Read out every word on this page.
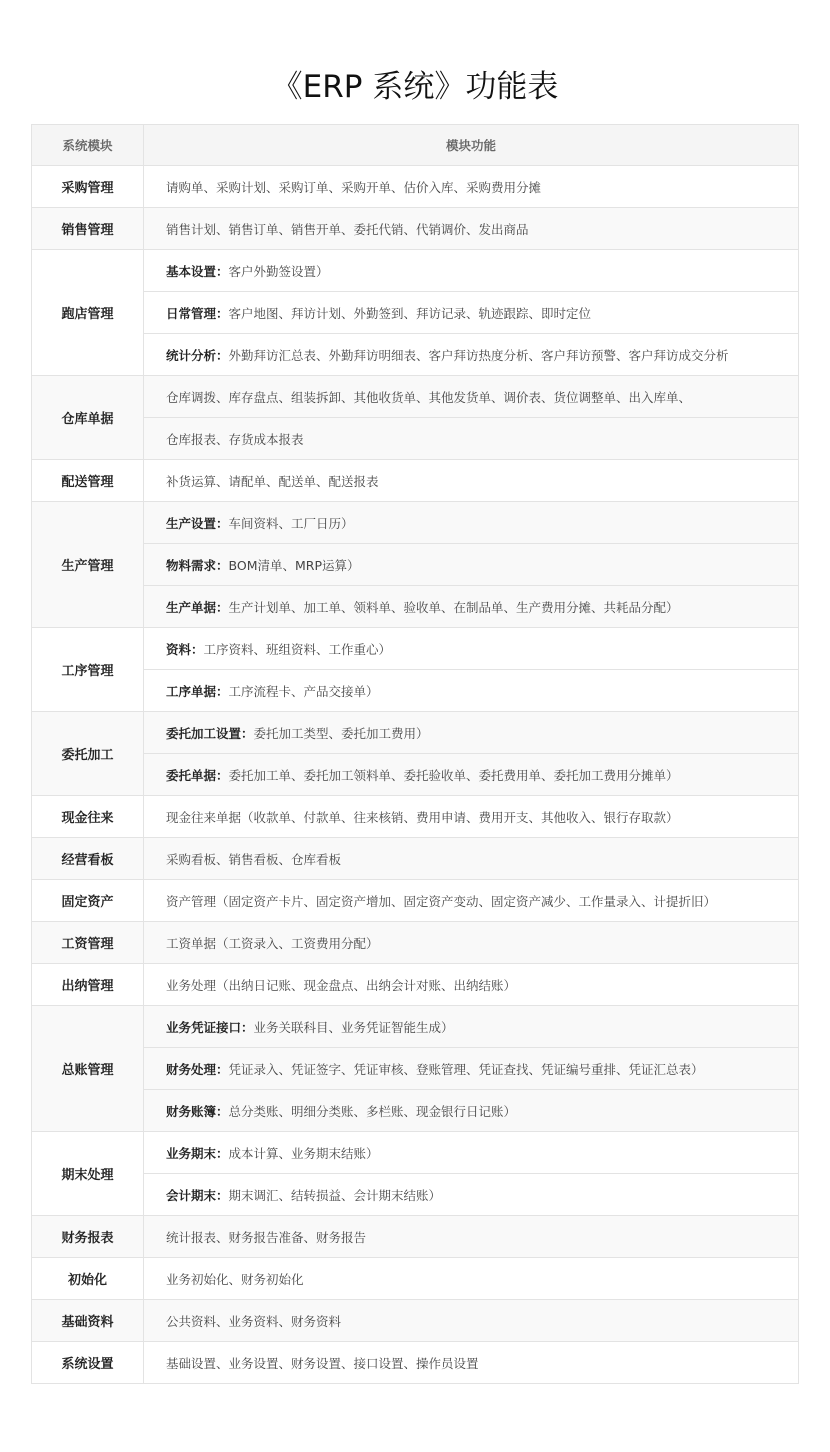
《ERP 系统》功能表
系统模块	模块功能
采购管理	请购单、采购计划、采购订单、采购开单、估价入库、采购费用分摊
销售管理	销售计划、销售订单、销售开单、委托代销、代销调价、发出商品
跑店管理	基本设置：客户外勤签设置）
	日常管理：客户地图、拜访计划、外勤签到、拜访记录、轨迹跟踪、即时定位
	统计分析：外勤拜访汇总表、外勤拜访明细表、客户拜访热度分析、客户拜访预警、客户拜访成交分析
仓库单据	仓库调拨、库存盘点、组装拆卸、其他收货单、其他发货单、调价表、货位调整单、出入库单、
	仓库报表、存货成本报表
配送管理	补货运算、请配单、配送单、配送报表
生产管理	生产设置：车间资料、工厂日历）
	物料需求：BOM清单、MRP运算）
	生产单据：生产计划单、加工单、领料单、验收单、在制品单、生产费用分摊、共耗品分配）
工序管理	资料：工序资料、班组资料、工作重心）
	工序单据：工序流程卡、产品交接单）
委托加工	委托加工设置：委托加工类型、委托加工费用）
	委托单据：委托加工单、委托加工领料单、委托验收单、委托费用单、委托加工费用分摊单）
现金往来	现金往来单据（收款单、付款单、往来核销、费用申请、费用开支、其他收入、银行存取款）
经营看板	采购看板、销售看板、仓库看板
固定资产	资产管理（固定资产卡片、固定资产增加、固定资产变动、固定资产减少、工作量录入、计提折旧）
工资管理	工资单据（工资录入、工资费用分配）
出纳管理	业务处理（出纳日记账、现金盘点、出纳会计对账、出纳结账）
总账管理	业务凭证接口：业务关联科目、业务凭证智能生成）
	财务处理：凭证录入、凭证签字、凭证审核、登账管理、凭证查找、凭证编号重排、凭证汇总表）
	财务账簿：总分类账、明细分类账、多栏账、现金银行日记账）
期末处理	业务期末：成本计算、业务期末结账）
	会计期末：期末调汇、结转损益、会计期末结账）
财务报表	统计报表、财务报告准备、财务报告
初始化	业务初始化、财务初始化
基础资料	公共资料、业务资料、财务资料
系统设置	基础设置、业务设置、财务设置、接口设置、操作员设置
